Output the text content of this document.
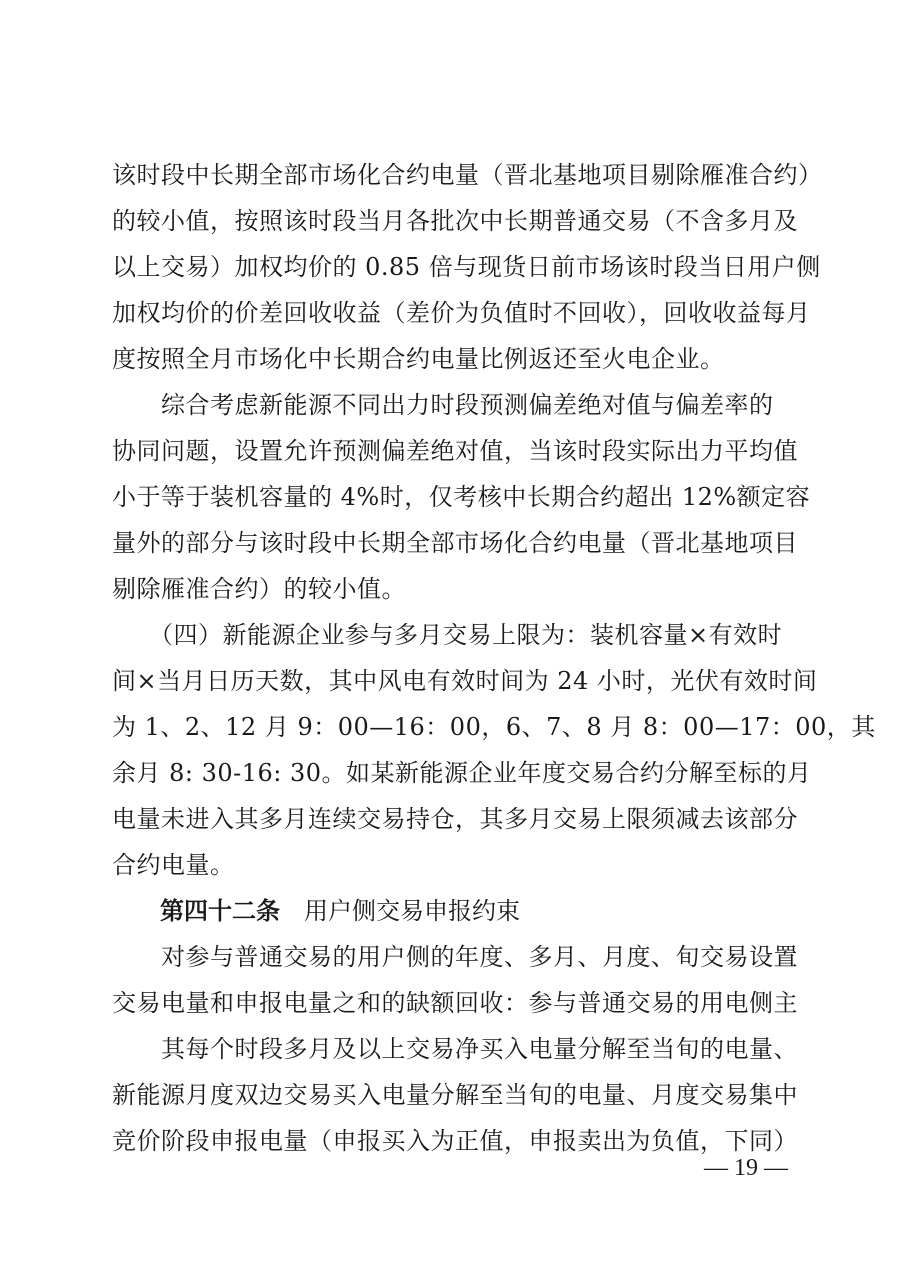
该时段中长期全部市场化合约电量（晋北基地项目剔除雁准合约）
的较小值，按照该时段当月各批次中长期普通交易（不含多月及
以上交易）加权均价的 0.85 倍与现货日前市场该时段当日用户侧
加权均价的价差回收收益（差价为负值时不回收），回收收益每月
度按照全月市场化中长期合约电量比例返还至火电企业。
　　综合考虑新能源不同出力时段预测偏差绝对值与偏差率的
协同问题，设置允许预测偏差绝对值，当该时段实际出力平均值
小于等于装机容量的 4%时，仅考核中长期合约超出 12%额定容
量外的部分与该时段中长期全部市场化合约电量（晋北基地项目
剔除雁准合约）的较小值。
　　（四）新能源企业参与多月交易上限为：装机容量×有效时
间×当月日历天数，其中风电有效时间为 24 小时，光伏有效时间
为 1、2、12 月 9：00—16：00，6、7、8 月 8：00—17：00，其
余月 8: 30-16: 30。如某新能源企业年度交易合约分解至标的月
电量未进入其多月连续交易持仓，其多月交易上限须减去该部分
合约电量。
第四十二条 用户侧交易申报约束
　　对参与普通交易的用户侧的年度、多月、月度、旬交易设置
交易电量和申报电量之和的缺额回收：参与普通交易的用电侧主
　　其每个时段多月及以上交易净买入电量分解至当旬的电量、
新能源月度双边交易买入电量分解至当旬的电量、月度交易集中
竞价阶段申报电量（申报买入为正值，申报卖出为负值，下同）
— 19 —
